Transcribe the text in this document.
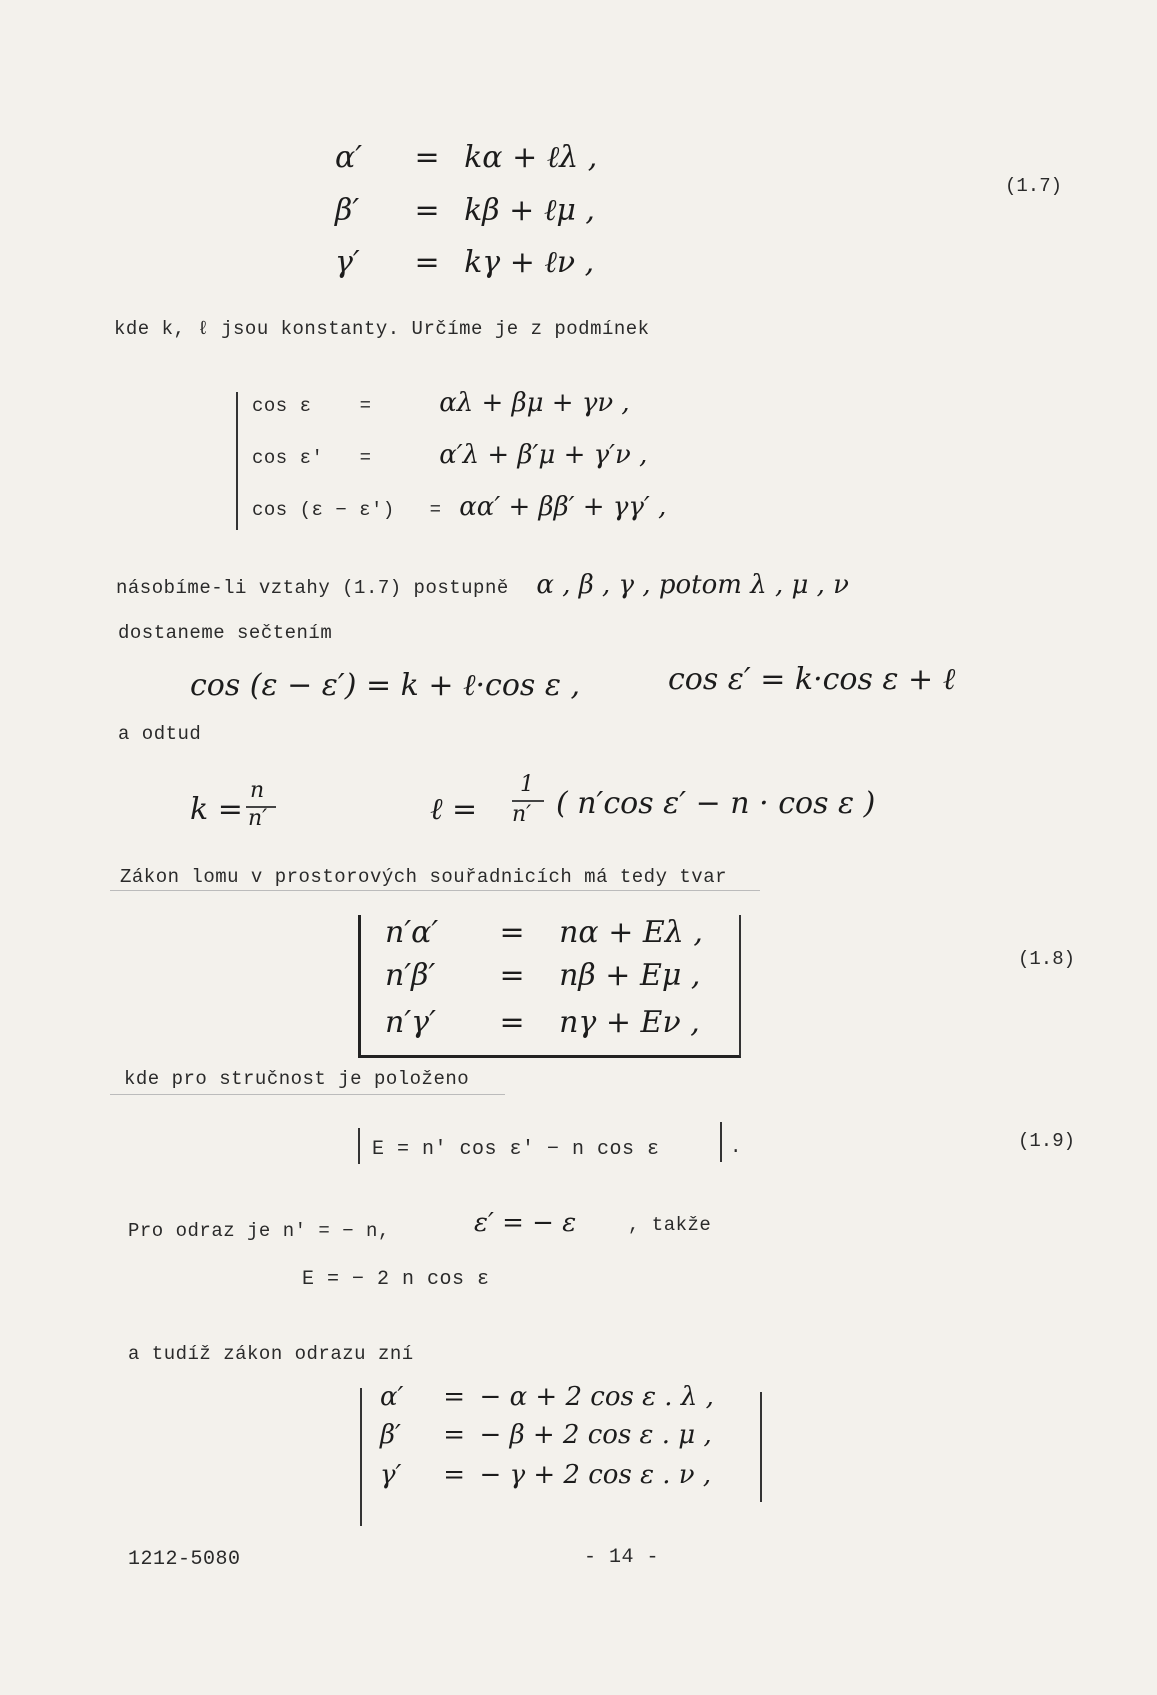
α′ = kα + ℓλ ,
β′ = kβ + ℓμ ,
γ′ = kγ + ℓν ,
(1.7)
kde k, ℓ jsou konstanty. Určíme je z podmínek
cos ε	=	αλ + βμ + γν ,
cos ε′ =	α′λ + β′μ + γ′ν ,
cos (ε − ε′) = αα′ + ββ′ + γγ′ ,
násobíme-li vztahy (1.7) postupně α , β , γ , potom λ , μ , ν
dostaneme sečtením
cos (ε − ε′) = k + ℓ·cos ε ,	cos ε′ = k·cos ε + ℓ
a odtud
k =
n
n′	ℓ =
1
n′ ( n′cos ε′ − n · cos ε )
Zákon lomu v prostorových souřadnicích má tedy tvar
n′α′ = nα + Eλ ,
n′β′ = nβ + Eμ ,
n′γ′ = nγ + Eν ,
(1.8)
kde pro stručnost je položeno
E = n′ cos ε′ − n cos ε	.	(1.9)
Pro odraz je n′ = − n,	ε′ = − ε	, takže
E = − 2 n cos ε
a tudíž zákon odrazu zní
α′ = − α + 2 cos ε . λ ,
β′ = − β + 2 cos ε . μ ,
γ′ = − γ + 2 cos ε . ν ,
1212-5080	- 14 -
